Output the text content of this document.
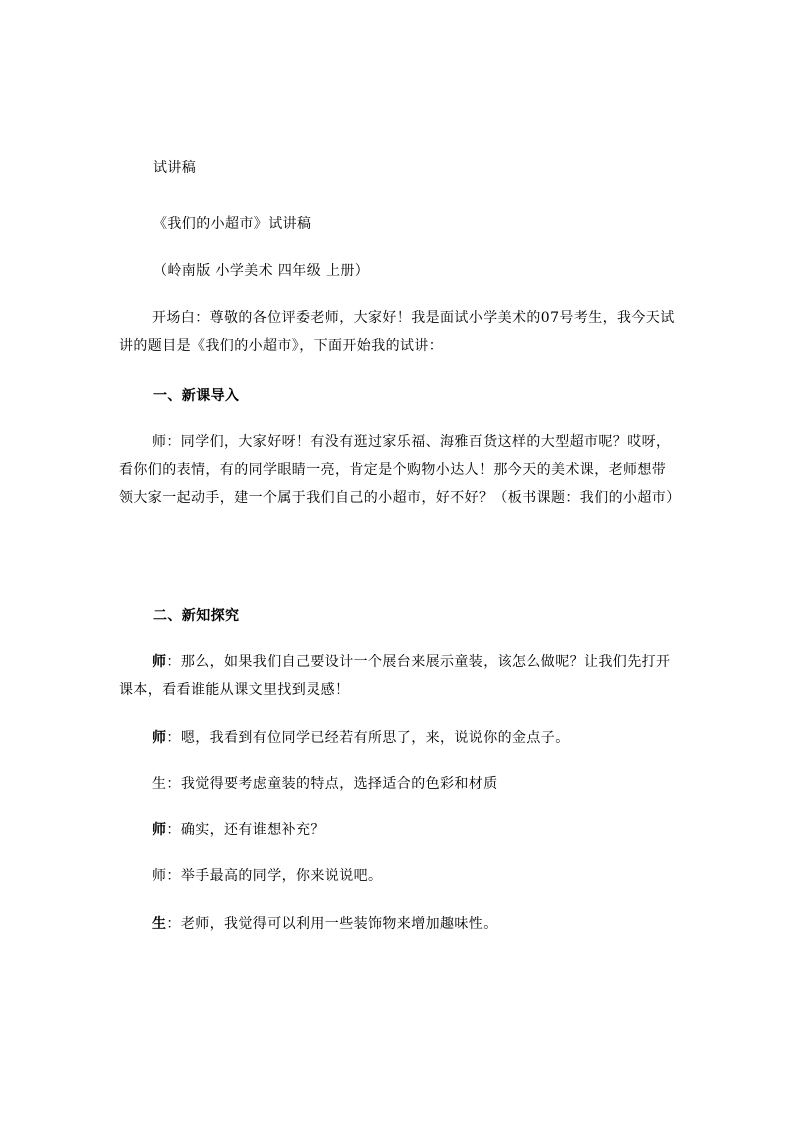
试讲稿

《我们的小超市》试讲稿

（岭南版 小学美术 四年级 上册）

开场白：尊敬的各位评委老师，大家好！我是面试小学美术的07号考生，我今天试讲的题目是《我们的小超市》，下面开始我的试讲：

一、新课导入

师：同学们，大家好呀！有没有逛过家乐福、海雅百货这样的大型超市呢？哎呀，看你们的表情，有的同学眼睛一亮，肯定是个购物小达人！那今天的美术课，老师想带领大家一起动手，建一个属于我们自己的小超市，好不好？（板书课题：我们的小超市）

二、新知探究

师：那么，如果我们自己要设计一个展台来展示童装，该怎么做呢？让我们先打开课本，看看谁能从课文里找到灵感！

师：嗯，我看到有位同学已经若有所思了，来，说说你的金点子。

生：我觉得要考虑童装的特点，选择适合的色彩和材质

师：确实，还有谁想补充？

师：举手最高的同学，你来说说吧。

生：老师，我觉得可以利用一些装饰物来增加趣味性。
